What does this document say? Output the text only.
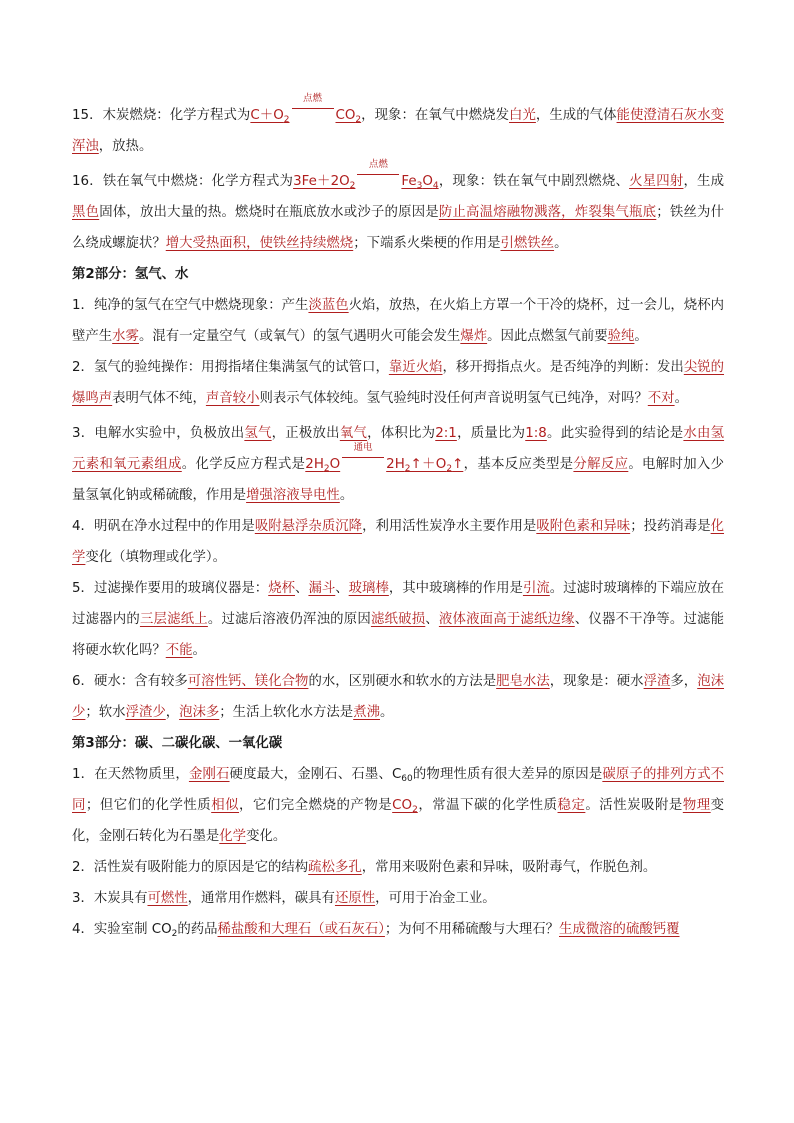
15．木炭燃烧：化学方程式为$C+O_2$
点燃
$CO_2$，现象：在氧气中燃烧发白光，生成的气体能使澄清石灰水变浑浊，放热。

16．铁在氧气中燃烧：化学方程式为$3Fe+2O_2$
点燃
$Fe_3O_4$，现象：铁在氧气中剧烈燃烧、火星四射，生成黑色固体，放出大量的热。燃烧时在瓶底放水或沙子的原因是防止高温熔融物溅落，炸裂集气瓶底；铁丝为什么绕成螺旋状？增大受热面积，使铁丝持续燃烧；下端系火柴梗的作用是引燃铁丝。

第2部分：氢气、水

1．纯净的氢气在空气中燃烧现象：产生淡蓝色火焰，放热，在火焰上方罩一个干冷的烧杯，过一会儿，烧杯内壁产生水雾。混有一定量空气（或氧气）的氢气遇明火可能会发生爆炸。因此点燃氢气前要验纯。

2．氢气的验纯操作：用拇指堵住集满氢气的试管口，靠近火焰，移开拇指点火。是否纯净的判断：发出尖锐的爆鸣声表明气体不纯，声音较小则表示气体较纯。氢气验纯时没任何声音说明氢气已纯净，对吗？不对。

3．电解水实验中，负极放出氢气，正极放出氧气，体积比为2:1，质量比为1:8。此实验得到的结论是水由氢元素和氧元素组成。化学反应方程式是$2H_2O$
通电
$2H_2↑+O_2↑$，基本反应类型是分解反应。电解时加入少量氢氧化钠或稀硫酸，作用是增强溶液导电性。

4．明矾在净水过程中的作用是吸附悬浮杂质沉降，利用活性炭净水主要作用是吸附色素和异味；投药消毒是化学变化（填物理或化学）。

5．过滤操作要用的玻璃仪器是：烧杯、漏斗、玻璃棒，其中玻璃棒的作用是引流。过滤时玻璃棒的下端应放在过滤器内的三层滤纸上。过滤后溶液仍浑浊的原因滤纸破损、液体液面高于滤纸边缘、仪器不干净等。过滤能将硬水软化吗？不能。

6．硬水：含有较多可溶性钙、镁化合物的水，区别硬水和软水的方法是肥皂水法，现象是：硬水浮渣多，泡沫少；软水浮渣少，泡沫多；生活上软化水方法是煮沸。

第3部分：碳、二碳化碳、一氧化碳

1．在天然物质里，金刚石硬度最大，金刚石、石墨、$C_{60}$的物理性质有很大差异的原因是碳原子的排列方式不同；但它们的化学性质相似，它们完全燃烧的产物是$CO_2$，常温下碳的化学性质稳定。活性炭吸附是物理变化，金刚石转化为石墨是化学变化。

2．活性炭有吸附能力的原因是它的结构疏松多孔，常用来吸附色素和异味，吸附毒气，作脱色剂。

3．木炭具有可燃性，通常用作燃料，碳具有还原性，可用于冶金工业。

4．实验室制 $CO_2$的药品稀盐酸和大理石（或石灰石）；为何不用稀硫酸与大理石？生成微溶的硫酸钙覆
